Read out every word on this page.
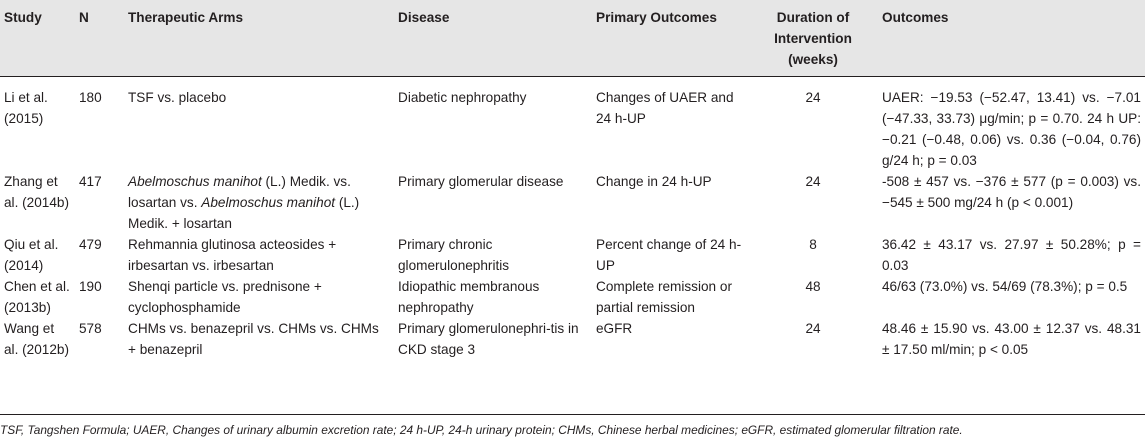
Study	N	Therapeutic Arms	Disease	Primary Outcomes	Duration of Intervention (weeks)	Outcomes
Li et al. (2015)	180	TSF vs. placebo	Diabetic nephropathy	Changes of UAER and 24 h-UP	24	UAER: −19.53 (−52.47, 13.41) vs. −7.01 (−47.33, 33.73) μg/min; p = 0.70. 24 h UP: −0.21 (−0.48, 0.06) vs. 0.36 (−0.04, 0.76) g/24 h; p = 0.03
Zhang et al. (2014b)	417	Abelmoschus manihot (L.) Medik. vs. losartan vs. Abelmoschus manihot (L.) Medik. + losartan	Primary glomerular disease	Change in 24 h-UP	24	-508 ± 457 vs. −376 ± 577 (p = 0.003) vs. −545 ± 500 mg/24 h (p < 0.001)
Qiu et al. (2014)	479	Rehmannia glutinosa acteosides + irbesartan vs. irbesartan	Primary chronic glomerulonephritis	Percent change of 24 h-UP	8	36.42 ± 43.17 vs. 27.97 ± 50.28%; p = 0.03
Chen et al. (2013b)	190	Shenqi particle vs. prednisone + cyclophosphamide	Idiopathic membranous nephropathy	Complete remission or partial remission	48	46/63 (73.0%) vs. 54/69 (78.3%); p = 0.5
Wang et al. (2012b)	578	CHMs vs. benazepril vs. CHMs vs. CHMs + benazepril	Primary glomerulonephri-tis in CKD stage 3	eGFR	24	48.46 ± 15.90 vs. 43.00 ± 12.37 vs. 48.31 ± 17.50 ml/min; p < 0.05
TSF, Tangshen Formula; UAER, Changes of urinary albumin excretion rate; 24 h-UP, 24-h urinary protein; CHMs, Chinese herbal medicines; eGFR, estimated glomerular filtration rate.
